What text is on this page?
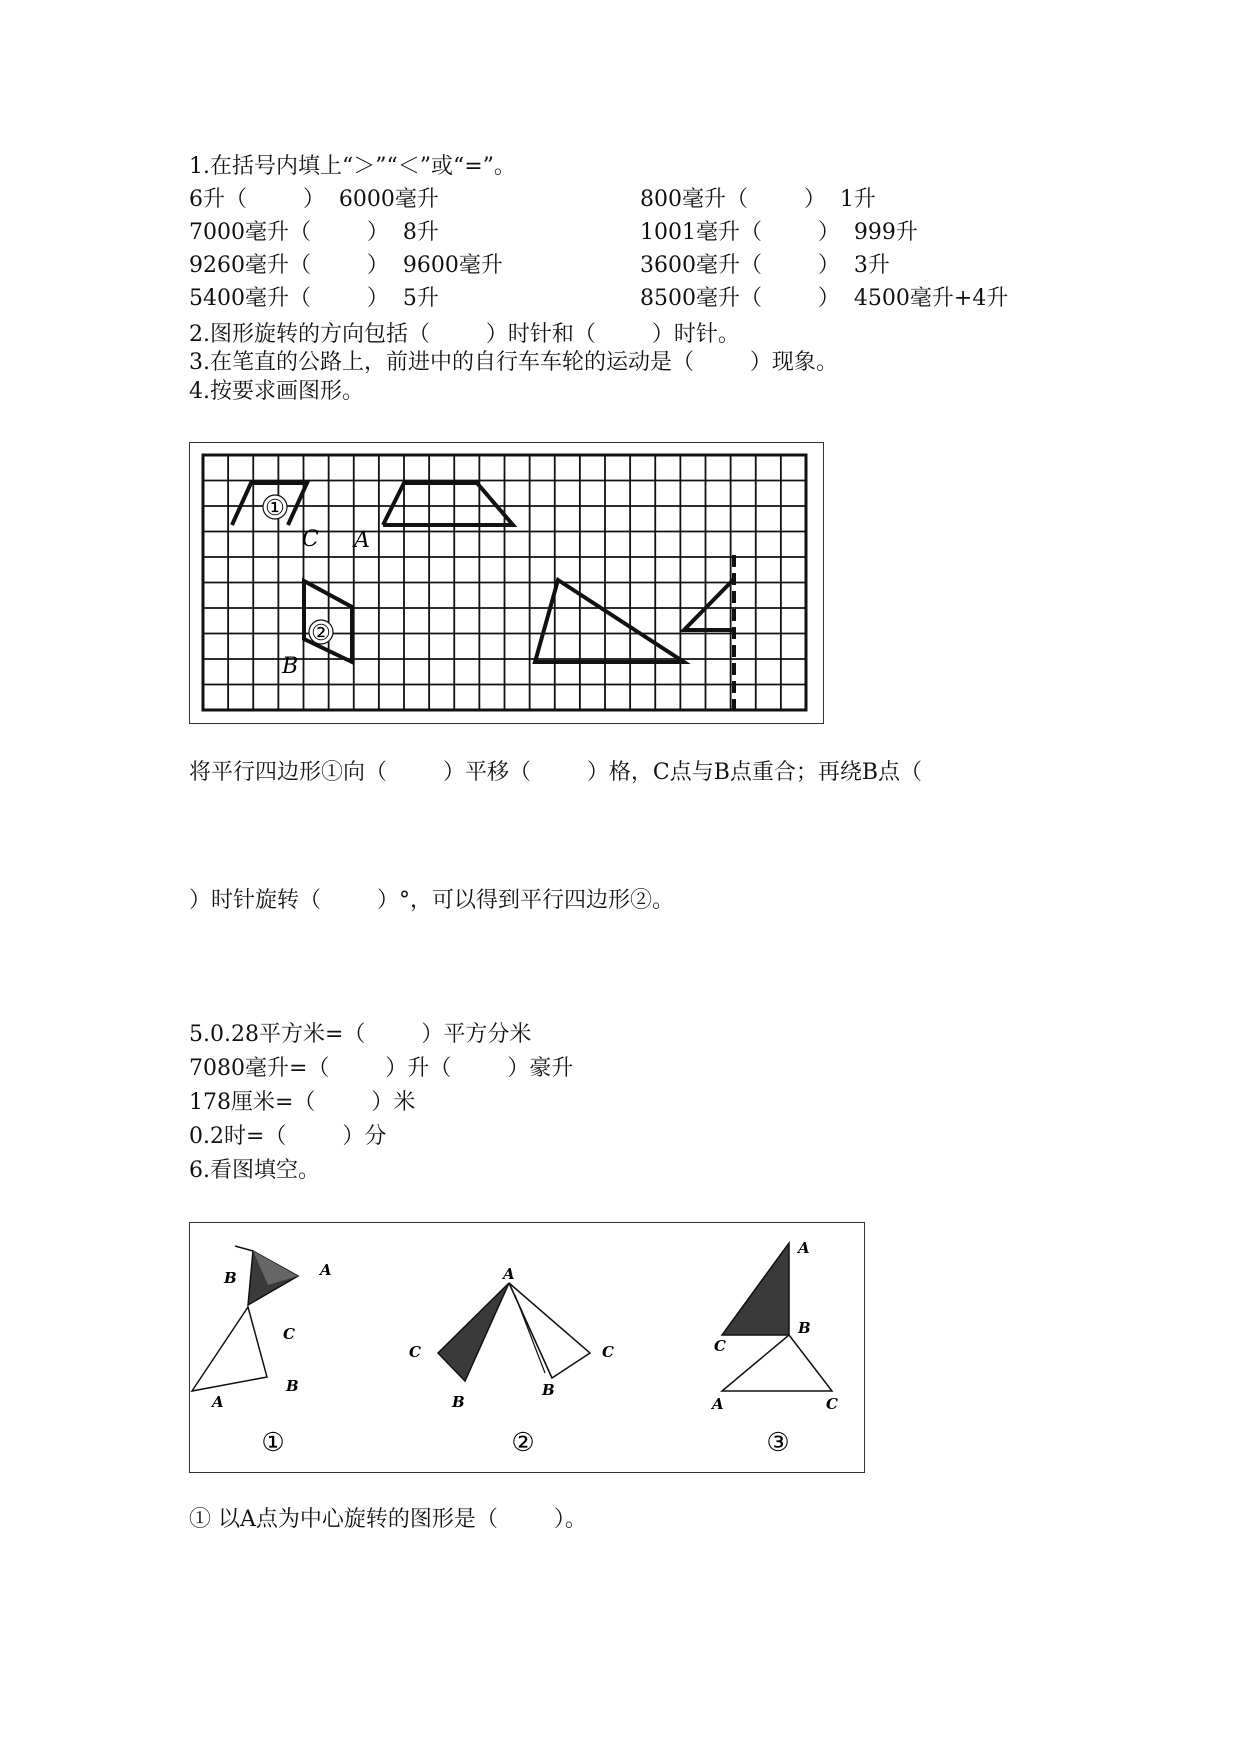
1.在括号内填上“＞”“＜”或“=”。
6升（        ）  6000毫升	800毫升（        ）  1升
7000毫升（        ）  8升	1001毫升（        ）  999升
9260毫升（        ）  9600毫升	3600毫升（        ）  3升
5400毫升（        ）  5升	8500毫升（        ）  4500毫升+4升
2.图形旋转的方向包括（        ）时针和（        ）时针。
3.在笔直的公路上，前进中的自行车车轮的运动是（        ）现象。
4.按要求画图形。
①
②
C A
B
将平行四边形①向（        ）平移（        ）格，C点与B点重合；再绕B点（
）时针旋转（        ）°，可以得到平行四边形②。
5.0.28平方米=（        ）平方分米
7080毫升=（        ）升（        ）豪升
178厘米=（        ）米
0.2时=（        ）分
6.看图填空。
B	A
C
A
B
①
A
C
B
B
C
②
A
B
C
A	C
③
① 以A点为中心旋转的图形是（        ）。
